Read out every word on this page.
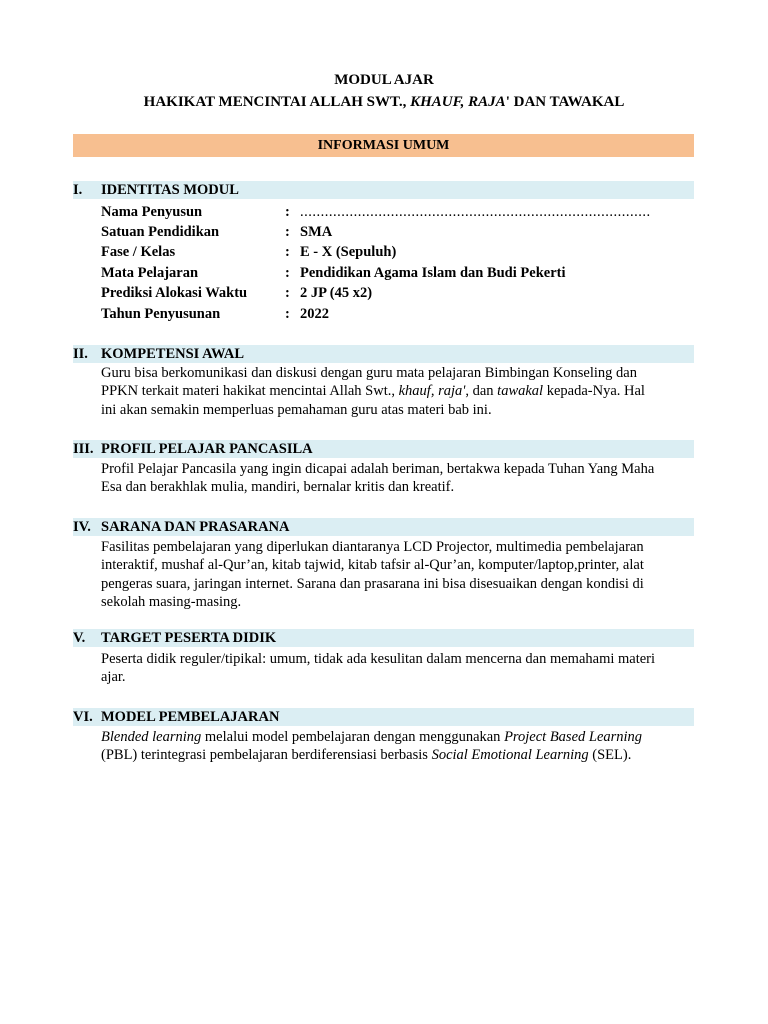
MODUL AJAR
HAKIKAT MENCINTAI ALLAH SWT., KHAUF, RAJA' DAN TAWAKAL
INFORMASI UMUM
I. IDENTITAS MODUL
Nama Penyusun	: .....................................................................................
Satuan Pendidikan	: SMA
Fase / Kelas	: E - X (Sepuluh)
Mata Pelajaran	: Pendidikan Agama Islam dan Budi Pekerti
Prediksi Alokasi Waktu	: 2 JP (45 x2)
Tahun Penyusunan	: 2022
II. KOMPETENSI AWAL
Guru bisa berkomunikasi dan diskusi dengan guru mata pelajaran Bimbingan Konseling dan
PPKN terkait materi hakikat mencintai Allah Swt., khauf, raja', dan tawakal kepada-Nya. Hal
ini akan semakin memperluas pemahaman guru atas materi bab ini.
III. PROFIL PELAJAR PANCASILA
Profil Pelajar Pancasila yang ingin dicapai adalah beriman, bertakwa kepada Tuhan Yang Maha
Esa dan berakhlak mulia, mandiri, bernalar kritis dan kreatif.
IV. SARANA DAN PRASARANA
Fasilitas pembelajaran yang diperlukan diantaranya LCD Projector, multimedia pembelajaran
interaktif, mushaf al-Qur’an, kitab tajwid, kitab tafsir al-Qur’an, komputer/laptop,printer, alat
pengeras suara, jaringan internet. Sarana dan prasarana ini bisa disesuaikan dengan kondisi di
sekolah masing-masing.
V. TARGET PESERTA DIDIK
Peserta didik reguler/tipikal: umum, tidak ada kesulitan dalam mencerna dan memahami materi
ajar.
VI. MODEL PEMBELAJARAN
Blended learning melalui model pembelajaran dengan menggunakan Project Based Learning
(PBL) terintegrasi pembelajaran berdiferensiasi berbasis Social Emotional Learning (SEL).
